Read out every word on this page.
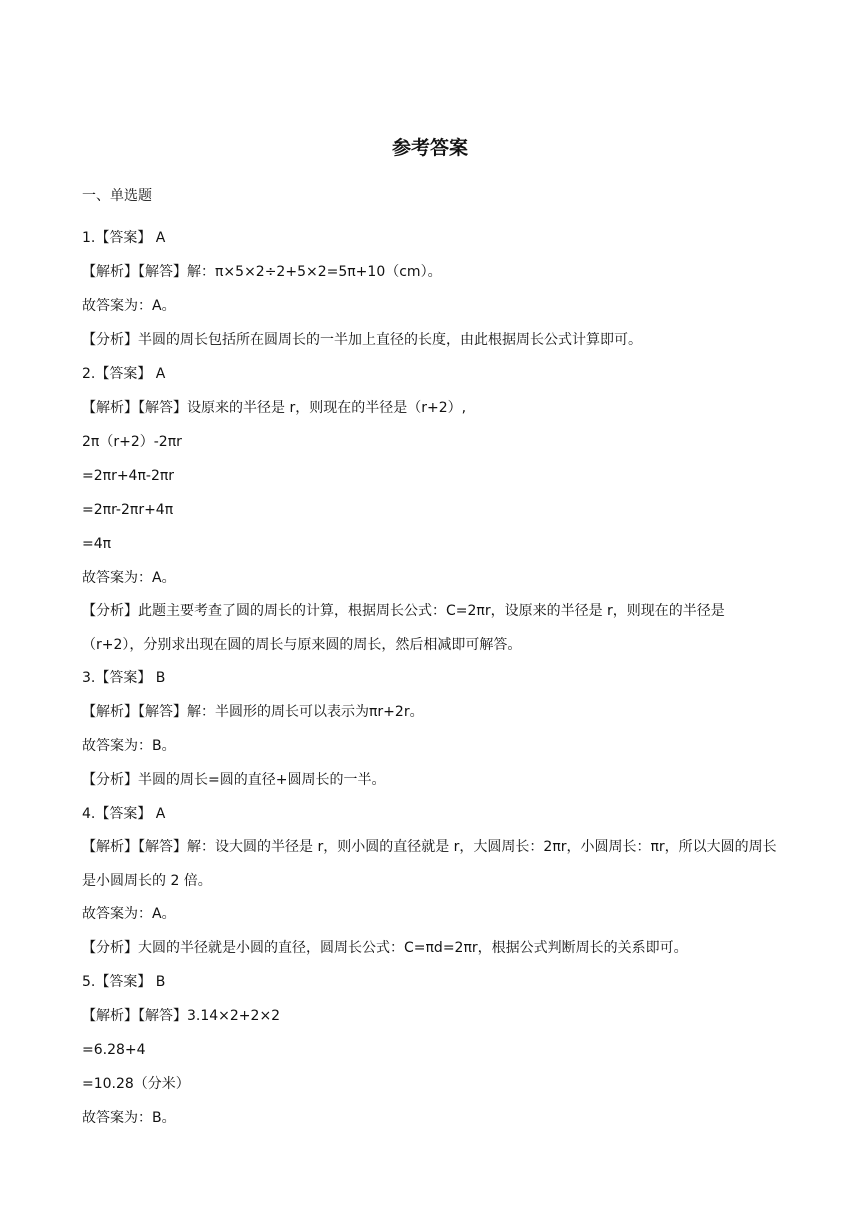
参考答案
一、单选题
1.【答案】 A
【解析】【解答】解：π×5×2÷2+5×2=5π+10（cm）。
故答案为：A。
【分析】半圆的周长包括所在圆周长的一半加上直径的长度，由此根据周长公式计算即可。
2.【答案】 A
【解析】【解答】设原来的半径是 r，则现在的半径是（r+2）,
2π（r+2）-2πr
=2πr+4π-2πr
=2πr-2πr+4π
=4π
故答案为：A。
【分析】此题主要考查了圆的周长的计算，根据周长公式：C=2πr，设原来的半径是 r，则现在的半径是（r+2），分别求出现在圆的周长与原来圆的周长，然后相减即可解答。
3.【答案】 B
【解析】【解答】解：半圆形的周长可以表示为πr+2r。
故答案为：B。
【分析】半圆的周长=圆的直径+圆周长的一半。
4.【答案】 A
【解析】【解答】解：设大圆的半径是 r，则小圆的直径就是 r，大圆周长：2πr，小圆周长：πr，所以大圆的周长是小圆周长的 2 倍。
故答案为：A。
【分析】大圆的半径就是小圆的直径，圆周长公式：C=πd=2πr，根据公式判断周长的关系即可。
5.【答案】 B
【解析】【解答】3.14×2+2×2
=6.28+4
=10.28（分米）
故答案为：B。
